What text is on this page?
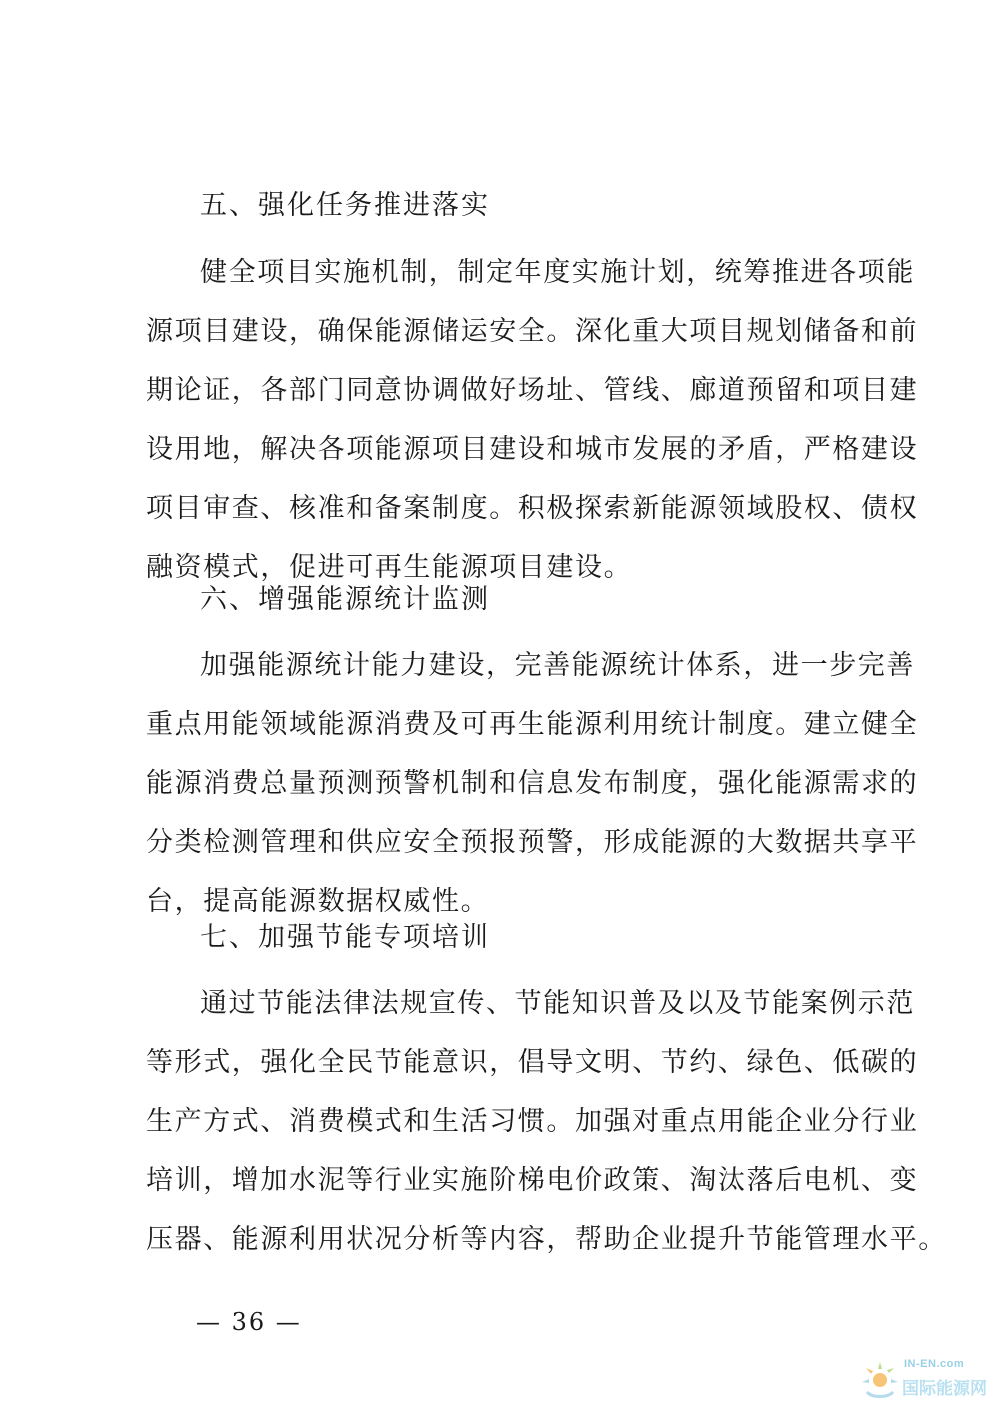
五、强化任务推进落实
健全项目实施机制，制定年度实施计划，统筹推进各项能
源项目建设，确保能源储运安全。深化重大项目规划储备和前
期论证，各部门同意协调做好场址、管线、廊道预留和项目建
设用地，解决各项能源项目建设和城市发展的矛盾，严格建设
项目审查、核准和备案制度。积极探索新能源领域股权、债权
融资模式，促进可再生能源项目建设。
六、增强能源统计监测
加强能源统计能力建设，完善能源统计体系，进一步完善
重点用能领域能源消费及可再生能源利用统计制度。建立健全
能源消费总量预测预警机制和信息发布制度，强化能源需求的
分类检测管理和供应安全预报预警，形成能源的大数据共享平
台，提高能源数据权威性。
七、加强节能专项培训
通过节能法律法规宣传、节能知识普及以及节能案例示范
等形式，强化全民节能意识，倡导文明、节约、绿色、低碳的
生产方式、消费模式和生活习惯。加强对重点用能企业分行业
培训，增加水泥等行业实施阶梯电价政策、淘汰落后电机、变
压器、能源利用状况分析等内容，帮助企业提升节能管理水平。
— 36 —
IN-EN.com
国际能源网
